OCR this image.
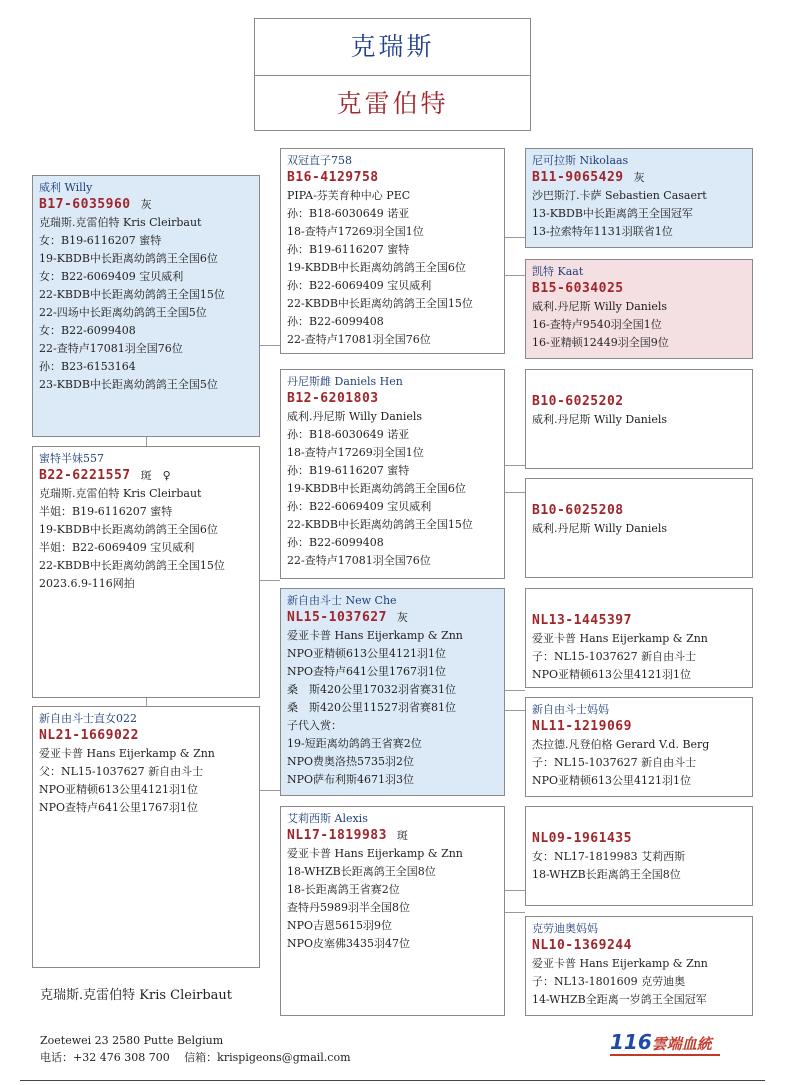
克瑞斯
克雷伯特
威利 Willy
B17-6035960 灰
克瑞斯.克雷伯特 Kris Cleirbaut
女：B19-6116207 蜜特
19-KBDB中长距离幼鸽鸽王全国6位
女：B22-6069409 宝贝威利
22-KBDB中长距离幼鸽鸽王全国15位
22-四场中长距离幼鸽鸽王全国5位
女：B22-6099408
22-查特卢17081羽全国76位
孙：B23-6153164
23-KBDB中长距离幼鸽鸽王全国5位
蜜特半妹557
B22-6221557 斑　♀
克瑞斯.克雷伯特 Kris Cleirbaut
半姐：B19-6116207 蜜特
19-KBDB中长距离幼鸽鸽王全国6位
半姐：B22-6069409 宝贝威利
22-KBDB中长距离幼鸽鸽王全国15位
2023.6.9-116网拍
新自由斗士直女022
NL21-1669022
爱亚卡普 Hans Eijerkamp & Znn
父：NL15-1037627 新自由斗士
NPO亚精顿613公里4121羽1位
NPO查特卢641公里1767羽1位
双冠直子758
B16-4129758
PIPA-芬芙育种中心 PEC
孙：B18-6030649 诺亚
18-查特卢17269羽全国1位
孙：B19-6116207 蜜特
19-KBDB中长距离幼鸽鸽王全国6位
孙：B22-6069409 宝贝威利
22-KBDB中长距离幼鸽鸽王全国15位
孙：B22-6099408
22-查特卢17081羽全国76位
丹尼斯雌 Daniels Hen
B12-6201803
威利.丹尼斯 Willy Daniels
孙：B18-6030649 诺亚
18-查特卢17269羽全国1位
孙：B19-6116207 蜜特
19-KBDB中长距离幼鸽鸽王全国6位
孙：B22-6069409 宝贝威利
22-KBDB中长距离幼鸽鸽王全国15位
孙：B22-6099408
22-查特卢17081羽全国76位
新自由斗士 New Che
NL15-1037627 灰
爱亚卡普 Hans Eijerkamp & Znn
NPO亚精顿613公里4121羽1位
NPO查特卢641公里1767羽1位
桑　斯420公里17032羽省赛31位
桑　斯420公里11527羽省赛81位
子代入赏：
19-短距离幼鸽鸽王省赛2位
NPO费奥洛热5735羽2位
NPO萨布利斯4671羽3位
艾莉西斯 Alexis
NL17-1819983 斑
爱亚卡普 Hans Eijerkamp & Znn
18-WHZB长距离鸽王全国8位
18-长距离鸽王省赛2位
查特丹5989羽半全国8位
NPO吉恩5615羽9位
NPO皮塞佛3435羽47位
尼可拉斯 Nikolaas
B11-9065429 灰
沙巴斯汀.卡萨 Sebastien Casaert
13-KBDB中长距离鸽王全国冠军
13-拉索特年1131羽联省1位
凯特 Kaat
B15-6034025
威利.丹尼斯 Willy Daniels
16-查特卢9540羽全国1位
16-亚精顿12449羽全国9位
B10-6025202
威利.丹尼斯 Willy Daniels
B10-6025208
威利.丹尼斯 Willy Daniels
NL13-1445397
爱亚卡普 Hans Eijerkamp & Znn
子：NL15-1037627 新自由斗士
NPO亚精顿613公里4121羽1位
新自由斗士妈妈
NL11-1219069
杰拉德.凡登伯格 Gerard V.d. Berg
子：NL15-1037627 新自由斗士
NPO亚精顿613公里4121羽1位
NL09-1961435
女：NL17-1819983 艾莉西斯
18-WHZB长距离鸽王全国8位
克劳迪奥妈妈
NL10-1369244
爱亚卡普 Hans Eijerkamp & Znn
子：NL13-1801609 克劳迪奥
14-WHZB全距离一岁鸽王全国冠军
克瑞斯.克雷伯特 Kris Cleirbaut
Zoetewei 23 2580 Putte Belgium
电话：+32 476 308 700　 信箱：krispigeons@gmail.com
116雲端血統
